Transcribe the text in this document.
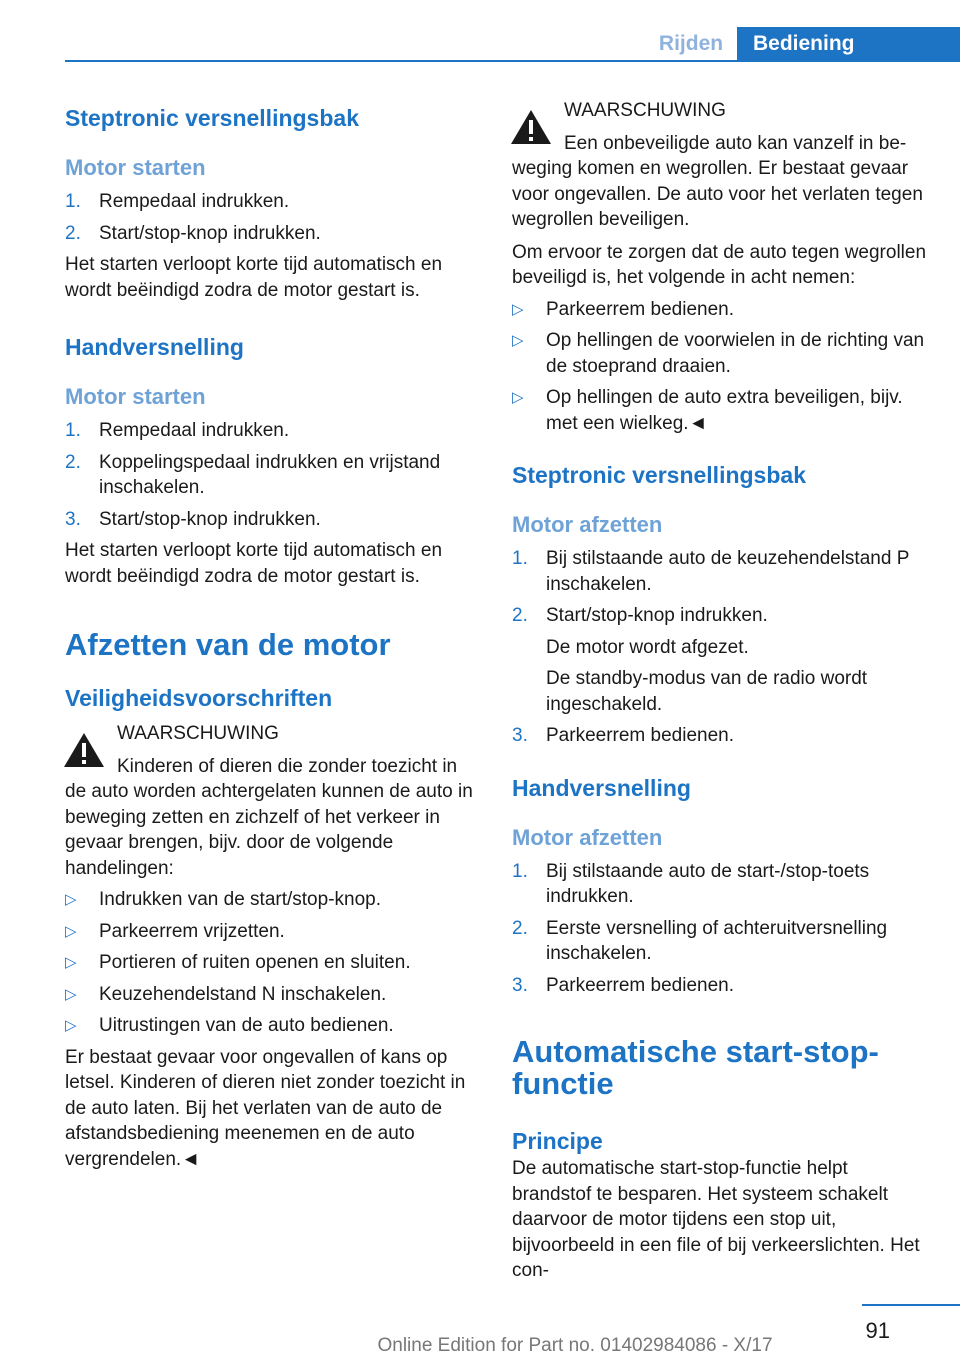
Rijden	Bediening
Steptronic versnellingsbak
Motor starten
1. Rempedaal indrukken.
2. Start/stop-knop indrukken.

Het starten verloopt korte tijd automatisch en wordt beëindigd zodra de motor gestart is.

Handversnelling
Motor starten
1. Rempedaal indrukken.
2. Koppelingspedaal indrukken en vrijstand inschakelen.
3. Start/stop-knop indrukken.

Het starten verloopt korte tijd automatisch en wordt beëindigd zodra de motor gestart is.

Afzetten van de motor
Veiligheidsvoorschriften
WAARSCHUWING
Kinderen of dieren die zonder toezicht in

de auto worden achtergelaten kunnen de auto in beweging zetten en zichzelf of het verkeer in gevaar brengen, bijv. door de volgende handelingen:

▷ Indrukken van de start/stop-knop.
▷ Parkeerrem vrijzetten.
▷ Portieren of ruiten openen en sluiten.
▷ Keuzehendelstand N inschakelen.
▷ Uitrustingen van de auto bedienen.

Er bestaat gevaar voor ongevallen of kans op letsel. Kinderen of dieren niet zonder toezicht in de auto laten. Bij het verlaten van de auto de afstandsbediening meenemen en de auto vergrendelen.◄

WAARSCHUWING
Een onbeveiligde auto kan vanzelf in be-

weging komen en wegrollen. Er bestaat gevaar voor ongevallen. De auto voor het verlaten tegen wegrollen beveiligen.

Om ervoor te zorgen dat de auto tegen wegrollen beveiligd is, het volgende in acht nemen:

▷ Parkeerrem bedienen.
▷ Op hellingen de voorwielen in de richting van de stoeprand draaien.
▷ Op hellingen de auto extra beveiligen, bijv. met een wielkeg.◄
Steptronic versnellingsbak
Motor afzetten
1. Bij stilstaande auto de keuzehendelstand P inschakelen.
2. Start/stop-knop indrukken.
De motor wordt afgezet.
De standby-modus van de radio wordt ingeschakeld.
3. Parkeerrem bedienen.
Handversnelling
Motor afzetten
1. Bij stilstaande auto de start-/stop-toets indrukken.
2. Eerste versnelling of achteruitversnelling inschakelen.
3. Parkeerrem bedienen.
Automatische start-stop-functie
Principe

De automatische start-stop-functie helpt brandstof te besparen. Het systeem schakelt daarvoor de motor tijdens een stop uit, bijvoorbeeld in een file of bij verkeerslichten. Het con-

91
Online Edition for Part no. 01402984086 - X/17
